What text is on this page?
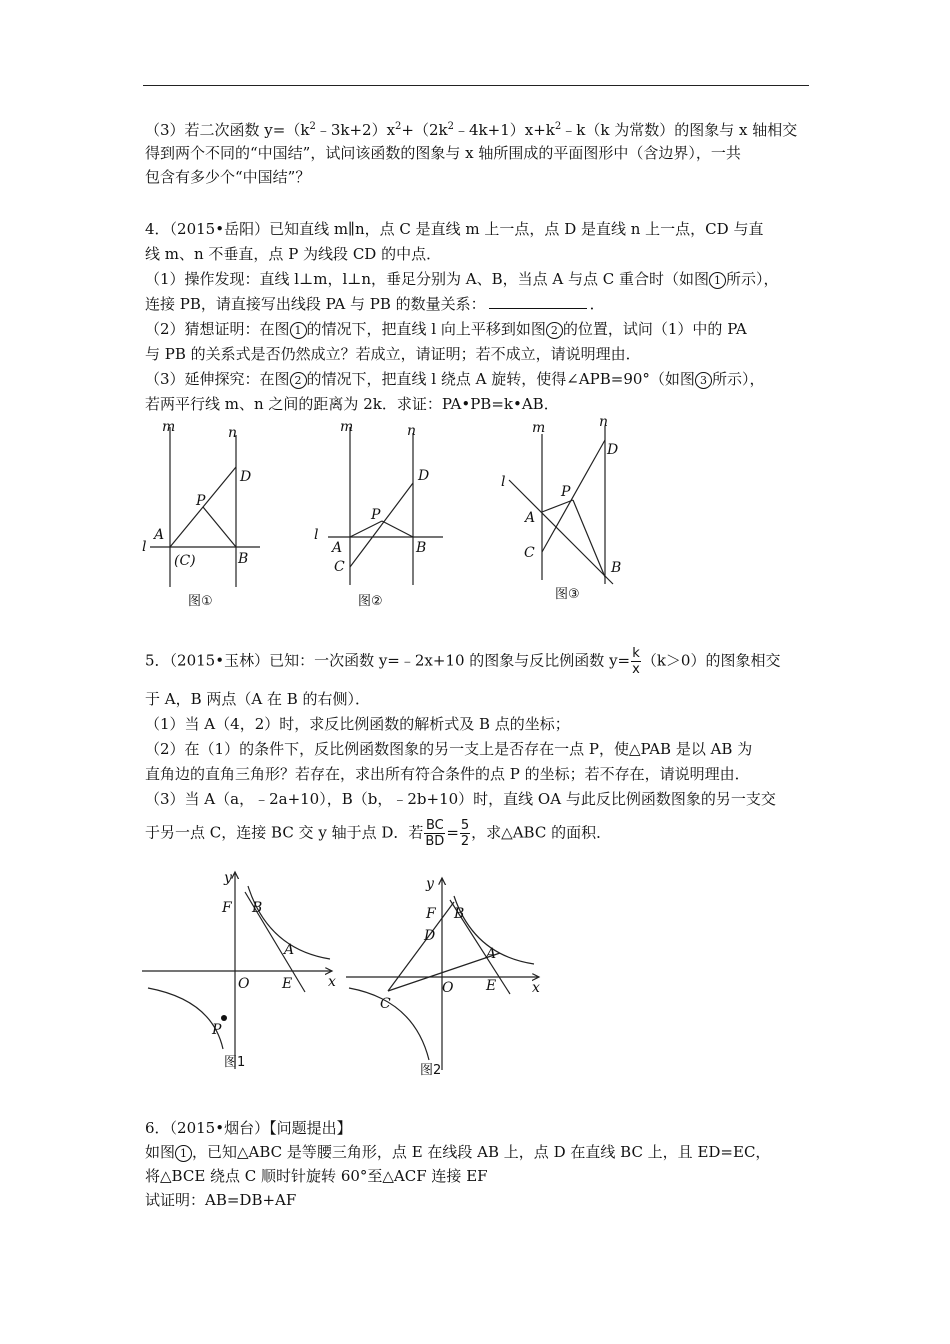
（3）若二次函数 $y=(k^2﹣3k+2)x^2+(2k^2﹣4k+1)x+k^2﹣k(k$ 为常数）的图象与 x 轴相交
得到两个不同的“中国结”，试问该函数的图象与 x 轴所围成的平面图形中（含边界），一共
包含有多少个“中国结”？
4．（2015•岳阳）已知直线 m∥n，点 C 是直线 m 上一点，点 D 是直线 n 上一点，CD 与直
线 m、n 不垂直，点 P 为线段 CD 的中点．
（1）操作发现：直线 l⊥m，l⊥n，垂足分别为 A、B，当点 A 与点 C 重合时（如图 1 所示），
连接 PB，请直接写出线段 PA 与 PB 的数量关系：	．
（2）猜想证明：在图 1 的情况下，把直线 l 向上平移到如图 2 的位置，试问（1）中的 PA
与 PB 的关系式是否仍然成立？若成立，请证明；若不成立，请说明理由．
（3）延伸探究：在图 2 的情况下，把直线 l 绕点 A 旋转，使得∠APB=90°（如图 3 所示），
若两平行线 m、n 之间的距离为 2k．求证：PA•PB=k•AB．
m	n
l
A
(C)	B
D
P
图①
m	n
l
A
C
B
D
P
图②
m	n
l
A
C
B
D
P
图③
5．（2015•玉林）已知：一次函数 y=﹣2x+10 的图象与反比例函数 $y= \frac{k}{x} (k>0)$的图象相交
于 A，B 两点（A 在 B 的右侧）．
（1）当 A（4，2）时，求反比例函数的解析式及 B 点的坐标；
（2）在（1）的条件下，反比例函数图象的另一支上是否存在一点 P，使△PAB 是以 AB 为
直角边的直角三角形？若存在，求出所有符合条件的点 P 的坐标；若不存在，请说明理由．
（3）当 A（a，﹣2a+10），B（b，﹣2b+10）时，直线 OA 与此反比例函数图象的另一支交
于另一点 C，连接 BC 交 y 轴于点 D．若 $\frac{BC}{BD} = \frac{5}{2}$ ，求△ABC 的面积．
y
x
O E
F B
A
P
图1
y
x
O E
F B
D
A
C
图2
6．（2015•烟台）【问题提出】
如图 1 ，已知△ABC 是等腰三角形，点 E 在线段 AB 上，点 D 在直线 BC 上，且 ED=EC，
将△BCE 绕点 C 顺时针旋转 60°至△ACF 连接 EF
试证明：AB=DB+AF
